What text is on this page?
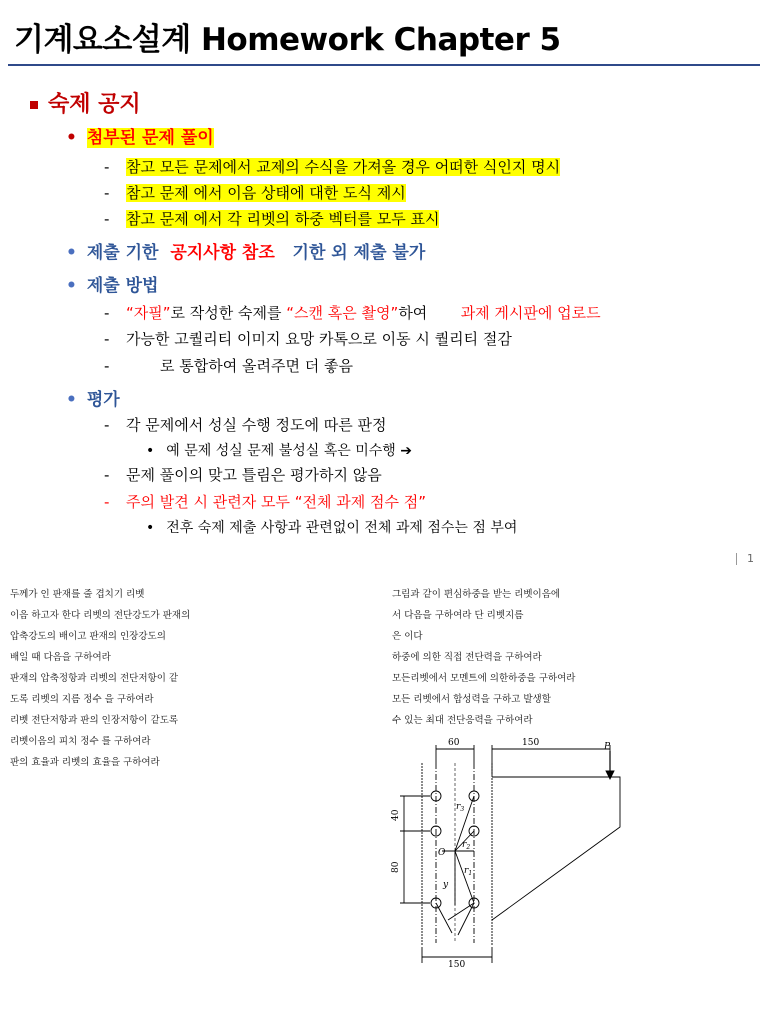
기계요소설계 Homework Chapter 5
숙제 공지
• 첨부된 문제 풀이
- 참고 모든 문제에서 교제의 수식을 가져올 경우 어떠한 식인지 명시
- 참고 문제 에서 이음 상태에 대한 도식 제시
- 참고 문제 에서 각 리벳의 하중 벡터를 모두 표시
• 제출 기한 공지사항 참조 기한 외 제출 불가
• 제출 방법
- “자필”로 작성한 숙제를 “스캔 혹은 촬영”하여 과제 게시판에 업로드
- 가능한 고퀄리티 이미지 요망 카톡으로 이동 시 퀄리티 절감
-	로 통합하여 올려주면 더 좋음
• 평가
- 각 문제에서 성실 수행 정도에 따른 판정
• 예 문제 성실 문제 불성실 혹은 미수행 ➔
- 문제 풀이의 맞고 틀림은 평가하지 않음
- 주의 발견 시 관련자 모두 “전체 과제 점수 점”
• 전후 숙제 제출 사항과 관련없이 전체 과제 점수는 점 부여
1
두께가 인 판재를 줄 겹치기 리벳
이음 하고자 한다 리벳의 전단강도가 판재의
압축강도의 배이고 판재의 인장강도의
배일 때 다음을 구하여라
판재의 압축정항과 리벳의 전단저항이 같
도록 리벳의 지름 정수 을 구하여라
리벳 전단저항과 판의 인장저항이 같도록
리벳이음의 피치 정수 를 구하여라
판의 효율과 리벳의 효율을 구하여라
그림과 같이 편심하중을 받는 리벳이음에
서 다음을 구하여라 단 리벳지름
은 이다
하중에 의한 직접 전단력을 구하여라
모든리벳에서 모멘트에 의한하중을 구하여라
모든 리벳에서 합성력을 구하고 발생할
수 있는 최대 전단응력을 구하여라
60	150	P
40
80
O
y
$r_3$
$r_2$
$r_1$
150
